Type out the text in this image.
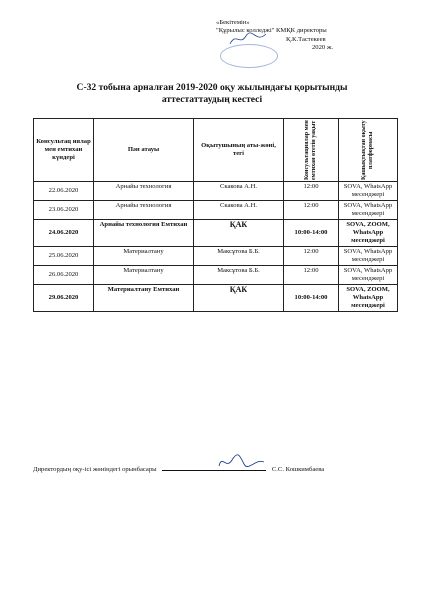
«Бекітемін»
"Құрылыс колледжі" КМҚК директоры
Қ.К.Тастекеев
2020 ж.
С-32 тобына арналған 2019-2020 оқу жылындағы қорытынды
аттестаттаудың кестесі
Консультац иялар мен емтихан күндері	Пән атауы	Оқытушының аты-жөні, тегі	Консультациялар мен емтихан өтетін уақыт	Қашықтықтан оқыту платформасы

22.06.2020	Арнайы технология	Скакова А.Н.	12:00	SOVA, WhatsApp месенджері
23.06.2020	Арнайы технология	Скакова А.Н.	12:00	SOVA, WhatsApp месенджері
24.06.2020	Арнайы технология Емтихан	ҚАК	10:00-14:00	SOVA, ZOOM, WhatsApp месенджері
25.06.2020	Материалтану	Максұтова Б.Б.	12:00	SOVA, WhatsApp месенджері
26.06.2020	Материалтану	Максұтова Б.Б.	12:00	SOVA, WhatsApp месенджері
29.06.2020	Материалтану Емтихан	ҚАК	10:00-14:00	SOVA, ZOOM, WhatsApp месенджері
Директордың оқу-ісі жөніндегі орынбасары	С.С. Кошкимбаева
